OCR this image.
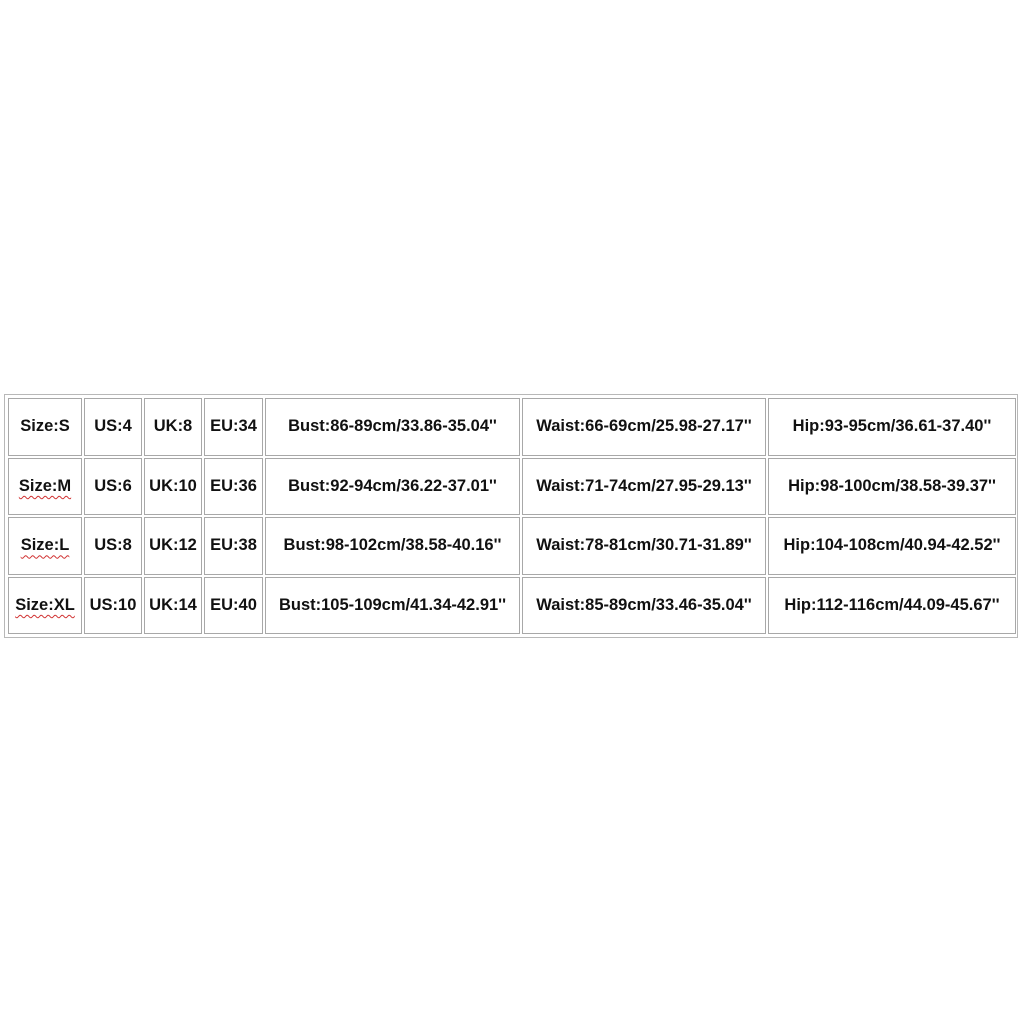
Size:S	US:4	UK:8	EU:34	Bust:86-89cm/33.86-35.04''	Waist:66-69cm/25.98-27.17''	Hip:93-95cm/36.61-37.40''
Size:M	US:6	UK:10	EU:36	Bust:92-94cm/36.22-37.01''	Waist:71-74cm/27.95-29.13''	Hip:98-100cm/38.58-39.37''
Size:L	US:8	UK:12	EU:38	Bust:98-102cm/38.58-40.16''	Waist:78-81cm/30.71-31.89''	Hip:104-108cm/40.94-42.52''
Size:XL	US:10	UK:14	EU:40	Bust:105-109cm/41.34-42.91''	Waist:85-89cm/33.46-35.04''	Hip:112-116cm/44.09-45.67''
